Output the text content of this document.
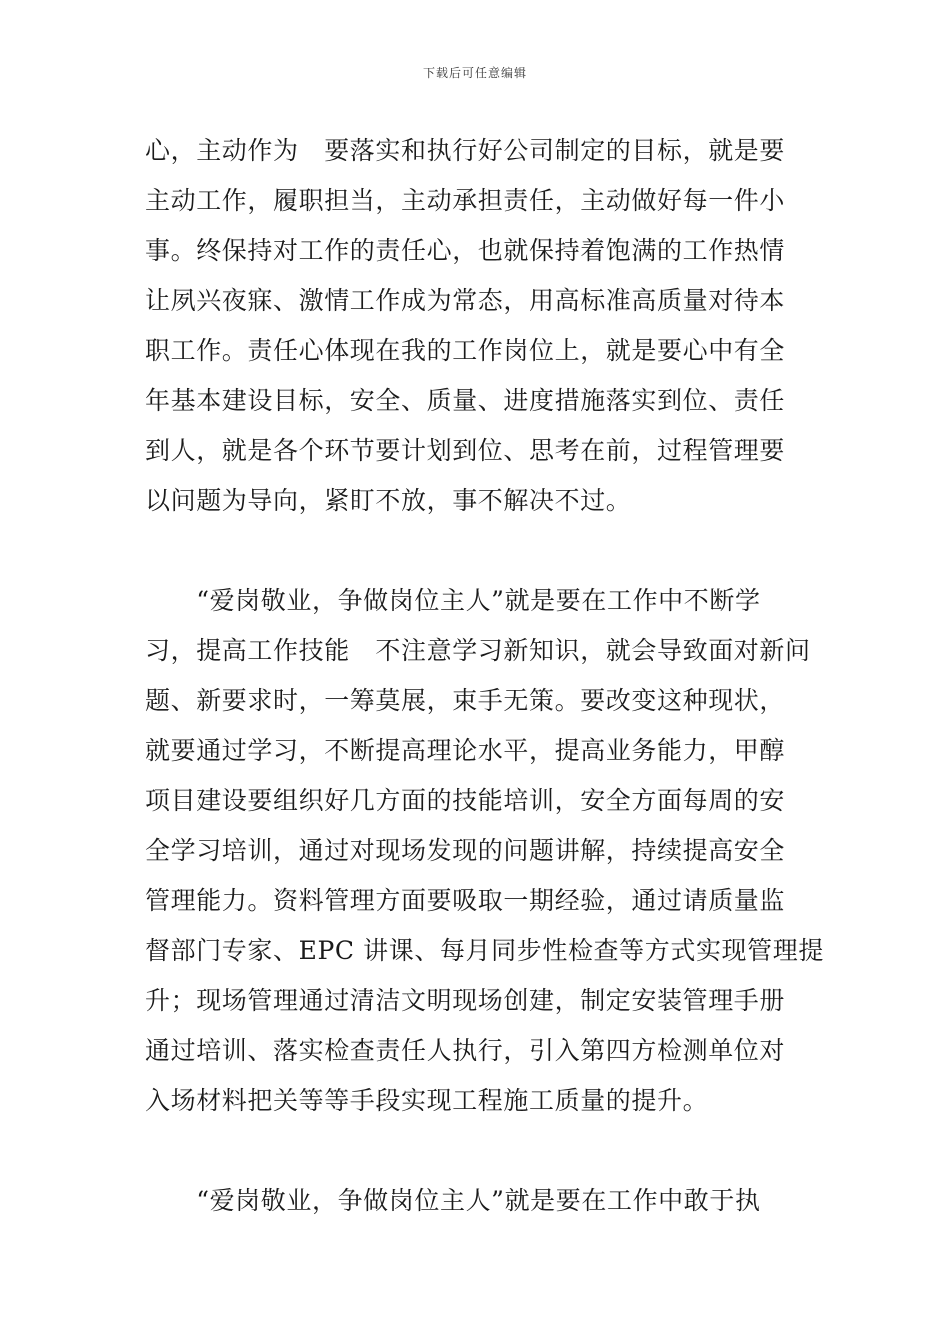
下载后可任意编辑
心，主动作为　要落实和执行好公司制定的目标，就是要
主动工作，履职担当，主动承担责任，主动做好每一件小
事。终保持对工作的责任心，也就保持着饱满的工作热情
让夙兴夜寐、激情工作成为常态，用高标准高质量对待本
职工作。责任心体现在我的工作岗位上，就是要心中有全
年基本建设目标，安全、质量、进度措施落实到位、责任
到人，就是各个环节要计划到位、思考在前，过程管理要
以问题为导向，紧盯不放，事不解决不过。
　　“爱岗敬业，争做岗位主人”就是要在工作中不断学
习，提高工作技能　不注意学习新知识，就会导致面对新问
题、新要求时，一筹莫展，束手无策。要改变这种现状，
就要通过学习，不断提高理论水平，提高业务能力，甲醇
项目建设要组织好几方面的技能培训，安全方面每周的安
全学习培训，通过对现场发现的问题讲解，持续提高安全
管理能力。资料管理方面要吸取一期经验，通过请质量监
督部门专家、EPC 讲课、每月同步性检查等方式实现管理提
升；现场管理通过清洁文明现场创建，制定安装管理手册
通过培训、落实检查责任人执行，引入第四方检测单位对
入场材料把关等等手段实现工程施工质量的提升。
　　“爱岗敬业，争做岗位主人”就是要在工作中敢于执
